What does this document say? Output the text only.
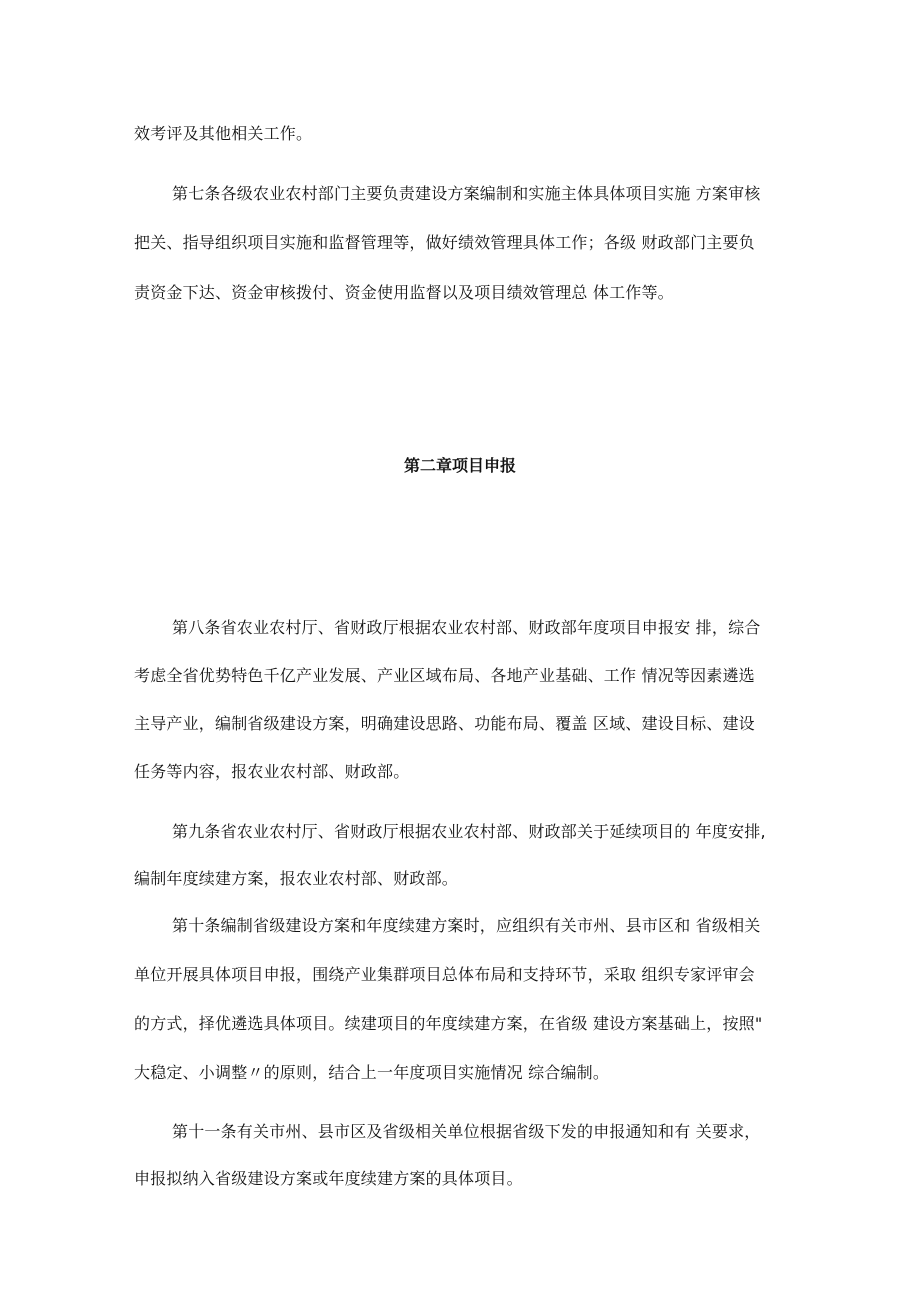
效考评及其他相关工作。
第七条各级农业农村部门主要负责建设方案编制和实施主体具体项目实施 方案审核
把关、指导组织项目实施和监督管理等，做好绩效管理具体工作；各级 财政部门主要负
责资金下达、资金审核拨付、资金使用监督以及项目绩效管理总 体工作等。
第二章项目申报
第八条省农业农村厅、省财政厅根据农业农村部、财政部年度项目申报安 排，综合
考虑全省优势特色千亿产业发展、产业区域布局、各地产业基础、工作 情况等因素遴选
主导产业，编制省级建设方案，明确建设思路、功能布局、覆盖 区域、建设目标、建设
任务等内容，报农业农村部、财政部。
第九条省农业农村厅、省财政厅根据农业农村部、财政部关于延续项目的 年度安排,
编制年度续建方案，报农业农村部、财政部。
第十条编制省级建设方案和年度续建方案时，应组织有关市州、县市区和 省级相关
单位开展具体项目申报，围绕产业集群项目总体布局和支持环节，采取 组织专家评审会
的方式，择优遴选具体项目。续建项目的年度续建方案，在省级 建设方案基础上，按照"
大稳定、小调整〃的原则，结合上一年度项目实施情况 综合编制。
第十一条有关市州、县市区及省级相关单位根据省级下发的申报通知和有 关要求，
申报拟纳入省级建设方案或年度续建方案的具体项目。
